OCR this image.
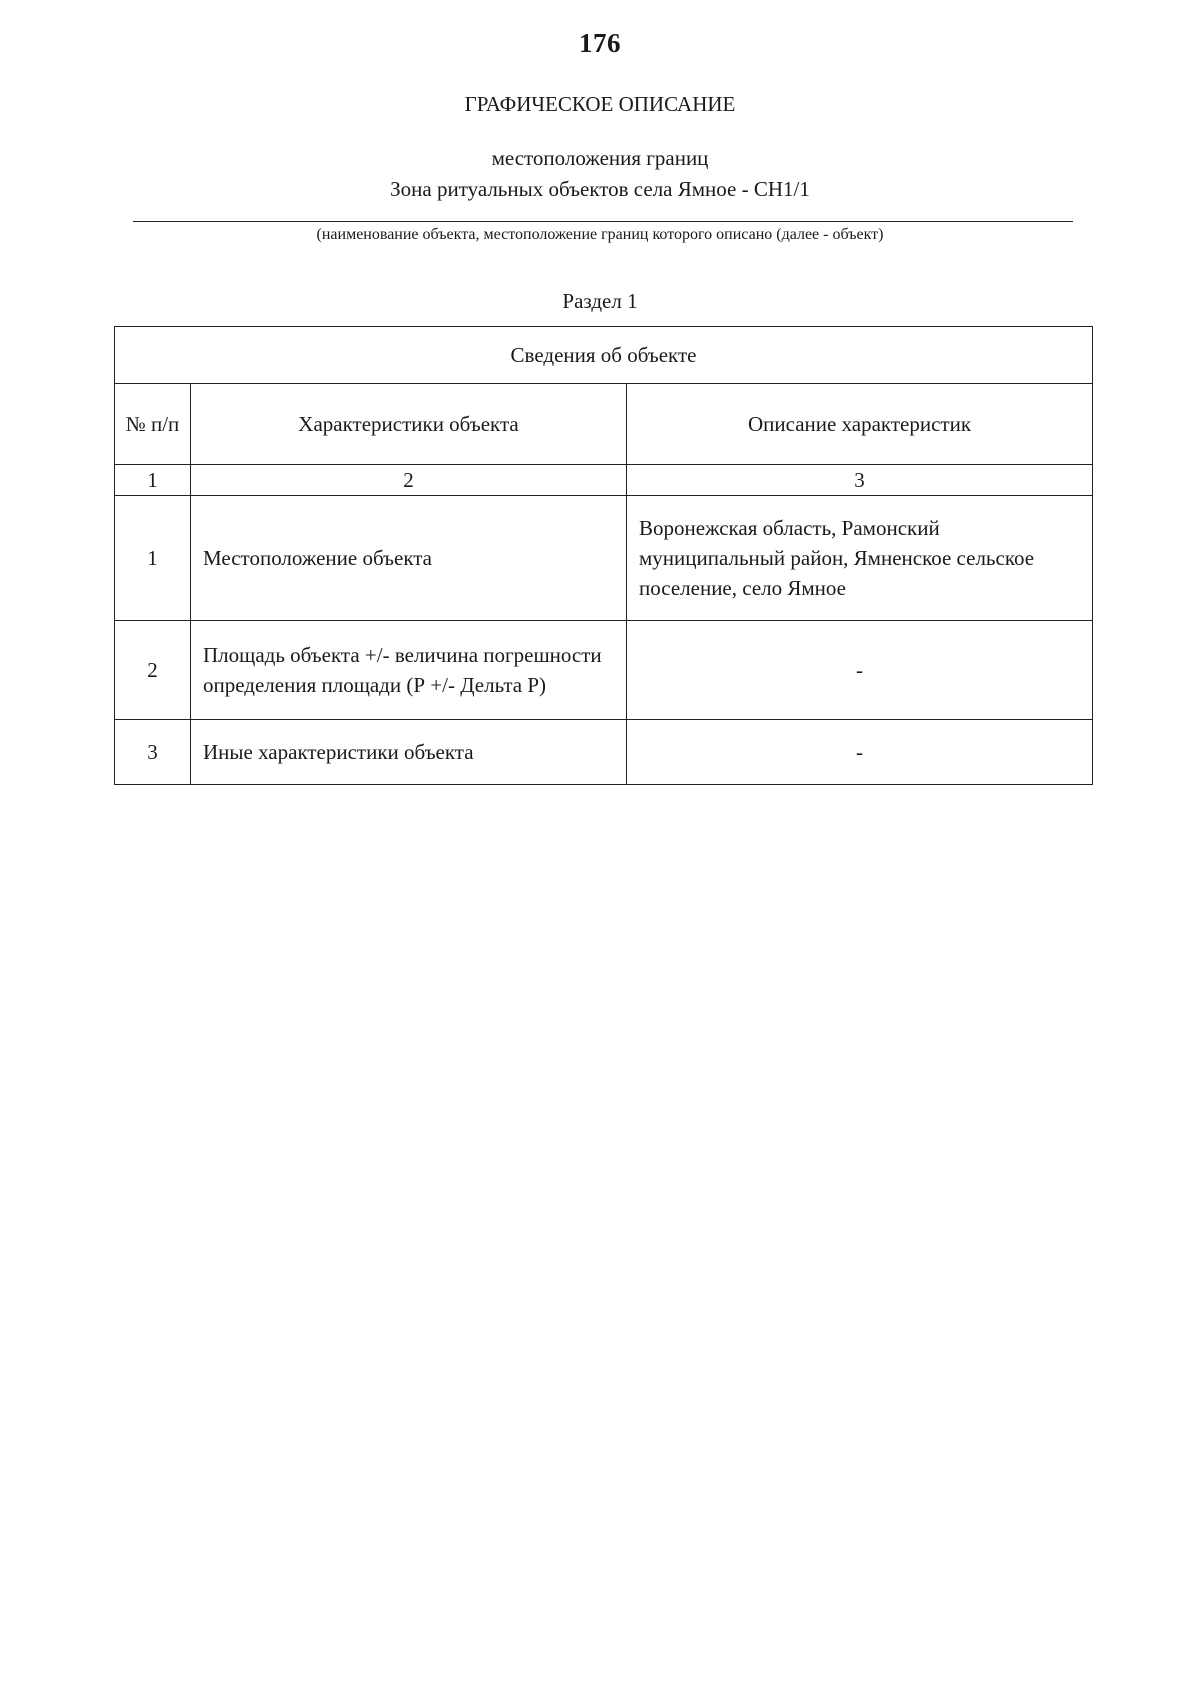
176
ГРАФИЧЕСКОЕ ОПИСАНИЕ
местоположения границ
Зона ритуальных объектов села Ямное - СН1/1
(наименование объекта, местоположение границ которого описано (далее - объект)
Раздел 1
Сведения об объекте		
№ п/п	Характеристики объекта	Описание характеристик
1	2	3
1	Местоположение объекта	Воронежская область, Рамонский муниципальный район, Ямненское сельское поселение, село Ямное
2	Площадь объекта +/- величина погрешности определения площади (Р +/- Дельта Р)	-
3	Иные характеристики объекта	-
